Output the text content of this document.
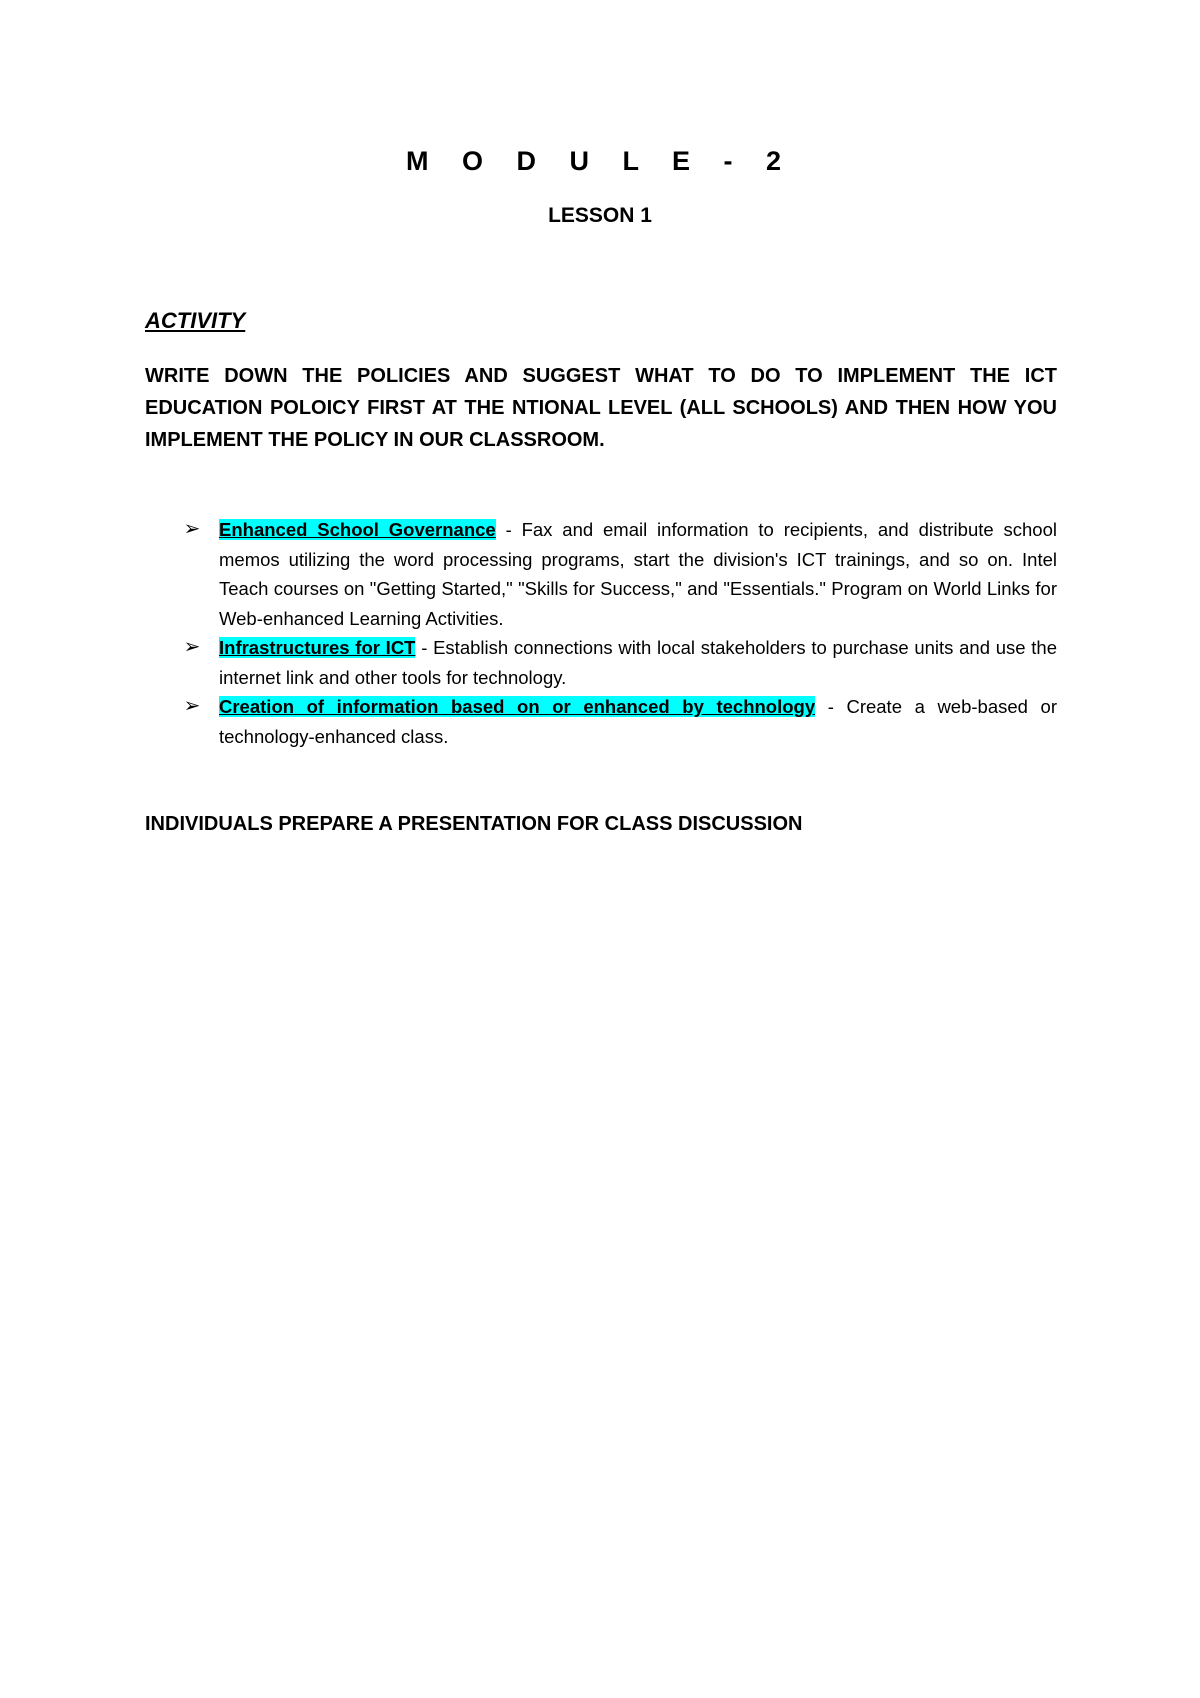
M O D U L E - 2
LESSON 1
ACTIVITY
WRITE DOWN THE POLICIES AND SUGGEST WHAT TO DO TO IMPLEMENT THE ICT EDUCATION POLOICY FIRST AT THE NTIONAL LEVEL (ALL SCHOOLS) AND THEN HOW YOU IMPLEMENT THE POLICY IN OUR CLASSROOM.
➢ Enhanced School Governance - Fax and email information to recipients, and distribute school memos utilizing the word processing programs, start the division's ICT trainings, and so on. Intel Teach courses on "Getting Started," "Skills for Success," and "Essentials." Program on World Links for Web-enhanced Learning Activities.
➢ Infrastructures for ICT - Establish connections with local stakeholders to purchase units and use the internet link and other tools for technology.
➢ Creation of information based on or enhanced by technology - Create a web-based or technology-enhanced class.
INDIVIDUALS PREPARE A PRESENTATION FOR CLASS DISCUSSION
